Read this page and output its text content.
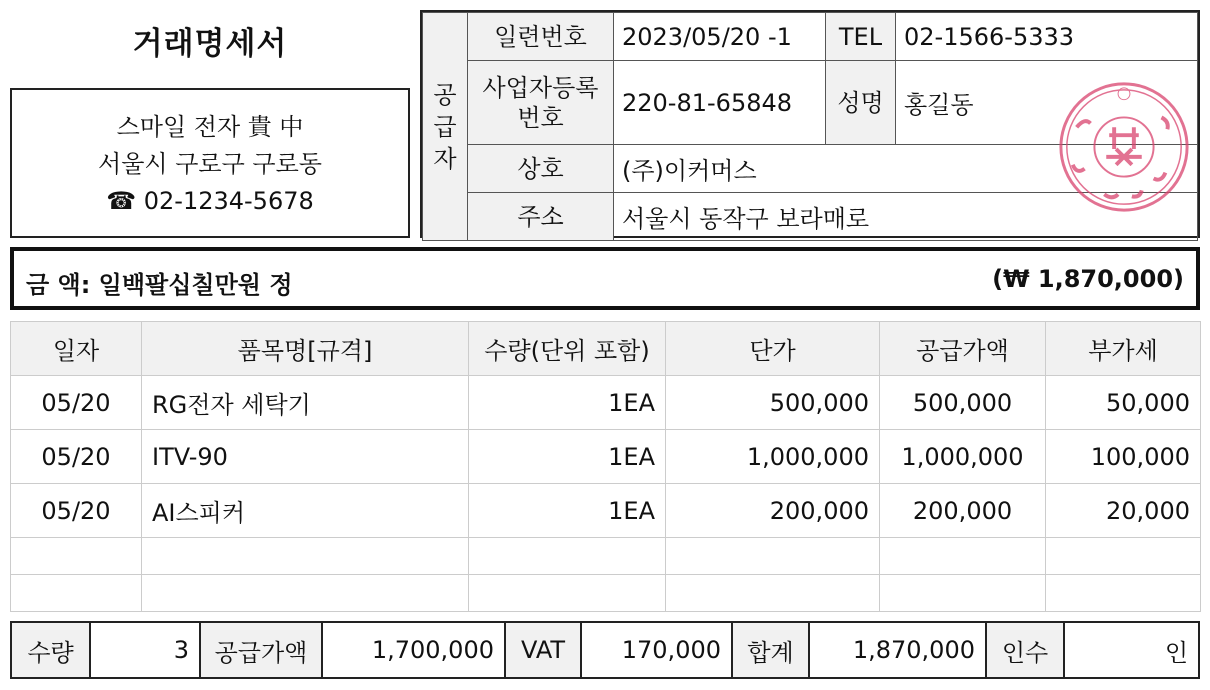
거래명세서
스마일 전자 貴 中
서울시 구로구 구로동
☎ 02-1234-5678
공
급
자	일련번호	2023/05/20 -1	TEL	02-1566-5333

	사업자등록
번호	220-81-65848	성명	홍길동
	상호	(주)이커머스		
	주소	서울시 동작구 보라매로		
금 액: 일백팔십칠만원 정	(₩ 1,870,000)
일자	품목명[규격]	수량(단위 포함)	단가	공급가액	부가세
05/20	RG전자 세탁기	1EA	500,000	500,000	50,000
05/20	ITV-90	1EA	1,000,000	1,000,000	100,000
05/20	AI스피커	1EA	200,000	200,000	20,000

수량	3	공급가액	1,700,000	VAT	170,000	합계	1,870,000	인수	인
